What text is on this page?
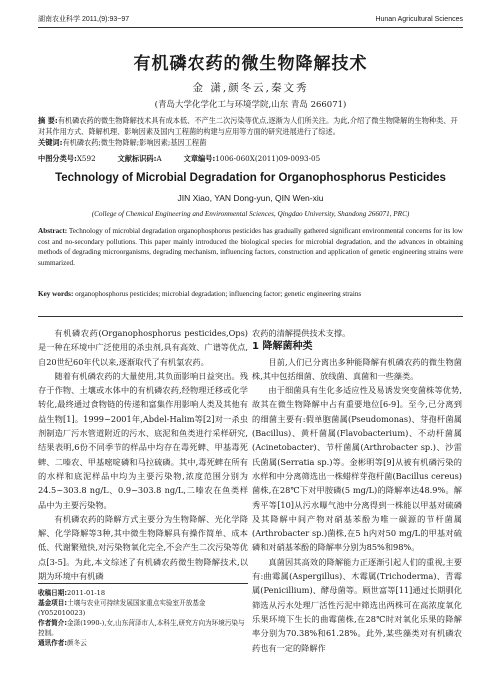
湖南农业科学 2011,(9):93~97	Hunan Agricultural Sciences
有机磷农药的微生物降解技术
金 潇,颜冬云,秦文秀
(青岛大学化学化工与环境学院,山东 青岛 266071)
摘 要:有机磷农药的微生物降解技术具有成本低、不产生二次污染等优点,逐渐为人们所关注。为此,介绍了微生物降解的生物种类、开对其作用方式、降解机理、影响因素及国内工程菌的构建与应用等方面的研究进展进行了综述。
关键词:有机磷农药;微生物降解;影响因素;基因工程菌
中图分类号:X592	文献标识码:A	文章编号:1006-060X(2011)09-0093-05
Technology of Microbial Degradation for Organophosphorus Pesticides
JIN Xiao, YAN Dong-yun, QIN Wen-xiu
(College of Chemical Engineering and Environmental Sciences, Qingdao University, Shandong 266071, PRC)
Abstract: Technology of microbial degradation organophosphorus pesticides has gradually gathered significant environmental concerns for its low cost and no-secondary pollutions. This paper mainly introduced the biological species for microbial degradation, and the advances in obtaining methods of degrading microorganisms, degrading mechanism, influencing factors, construction and application of genetic engineering strains were summarized.
Key words: organophosphorus pesticides; microbial degradation; influencing factor; genetic engineering strains

有机磷农药(Organophosphorus pesticides,Ops)是一种在环境中广泛使用的杀虫剂,具有高效、广谱等优点,自20世纪60年代以来,逐渐取代了有机氯农药。

随着有机磷农药的大量使用,其负面影响日益突出。残存于作物、土壤或水体中的有机磷农药,经物理迁移或化学转化,最终通过食物链的传递和富集作用影响人类及其他有益生物[1]。1999~2001年,Abdel-Halim等[2]对一杀虫剂制造厂污水管道附近的污水、底泥和鱼类进行采样研究,结果表明,6份不同季节的样品中均存在毒死蜱、甲基毒死蜱、二嗪农、甲基嘧啶磷和马拉硫磷。其中,毒死蜱在所有的水样和底泥样品中均为主要污染物,浓度范围分别为24.5~303.8 ng/L、0.9~303.8 ng/L,二嗪农在鱼类样品中为主要污染物。

有机磷农药的降解方式主要分为生物降解、光化学降解、化学降解等3种,其中微生物降解具有操作简单、成本低、代谢繁殖快,对污染物氧化完全,不会产生二次污染等优点[3-5]。为此,本文综述了有机磷农药微生物降解技术,以期为环境中有机磷

农药的清解提供技术支撑。

1 降解菌种类

目前,人们已分离出多种能降解有机磷农药的微生物菌株,其中包括细菌、放线菌、真菌和一些藻类。

由于细菌具有生化多适应性及易诱发突变菌株等优势,故其在微生物降解中占有重要地位[6-9]。至今,已分离到的细菌主要有:假单胞菌属(Pseudomonas)、芽孢杆菌属(Bacillus)、黄杆菌属(Flavobacterium)、不动杆菌属(Acinetobacter)、节杆菌属(Arthrobacter sp.)、沙雷氏菌属(Serratia sp.)等。金彬明等[9]从被有机磷污染的水样和中分离筛选出一株蜡样芽孢杆菌(Bacillus cereus)菌株,在28℃下对甲胺磷(5 mg/L)的降解率达48.9%。解秀平等[10]从污水曝气池中分离得到一株能以甲基对硫磷及其降解中间产物对硝基苯酚为唯一碳源的节杆菌属(Arthrobacter sp.)菌株,在5 h内对50 mg/L的甲基对硫磷和对硝基苯酚的降解率分别为85%和98%。

真菌因其高效的降解能力正逐渐引起人们的重视,主要有:曲霉属(Aspergillus)、木霉属(Trichoderma)、青霉属(Penicillium)、酵母菌等。顾世富等[11]通过长期驯化筛选从污水处理厂活性污泥中筛选出两株可在高浓度氧化乐果环境下生长的曲霉菌株,在28℃时对氧化乐果的降解率分别为70.38%和61.28%。此外,某些藻类对有机磷农药也有一定的降解作

收稿日期:2011-01-18
基金项目:土壤与农业可持续发展国家重点实验室开放基金(Y052010023)
作者简介:金潇(1990-),女,山东菏泽市人,本科生,研究方向为环境污染与控制。
通讯作者:颜冬云
